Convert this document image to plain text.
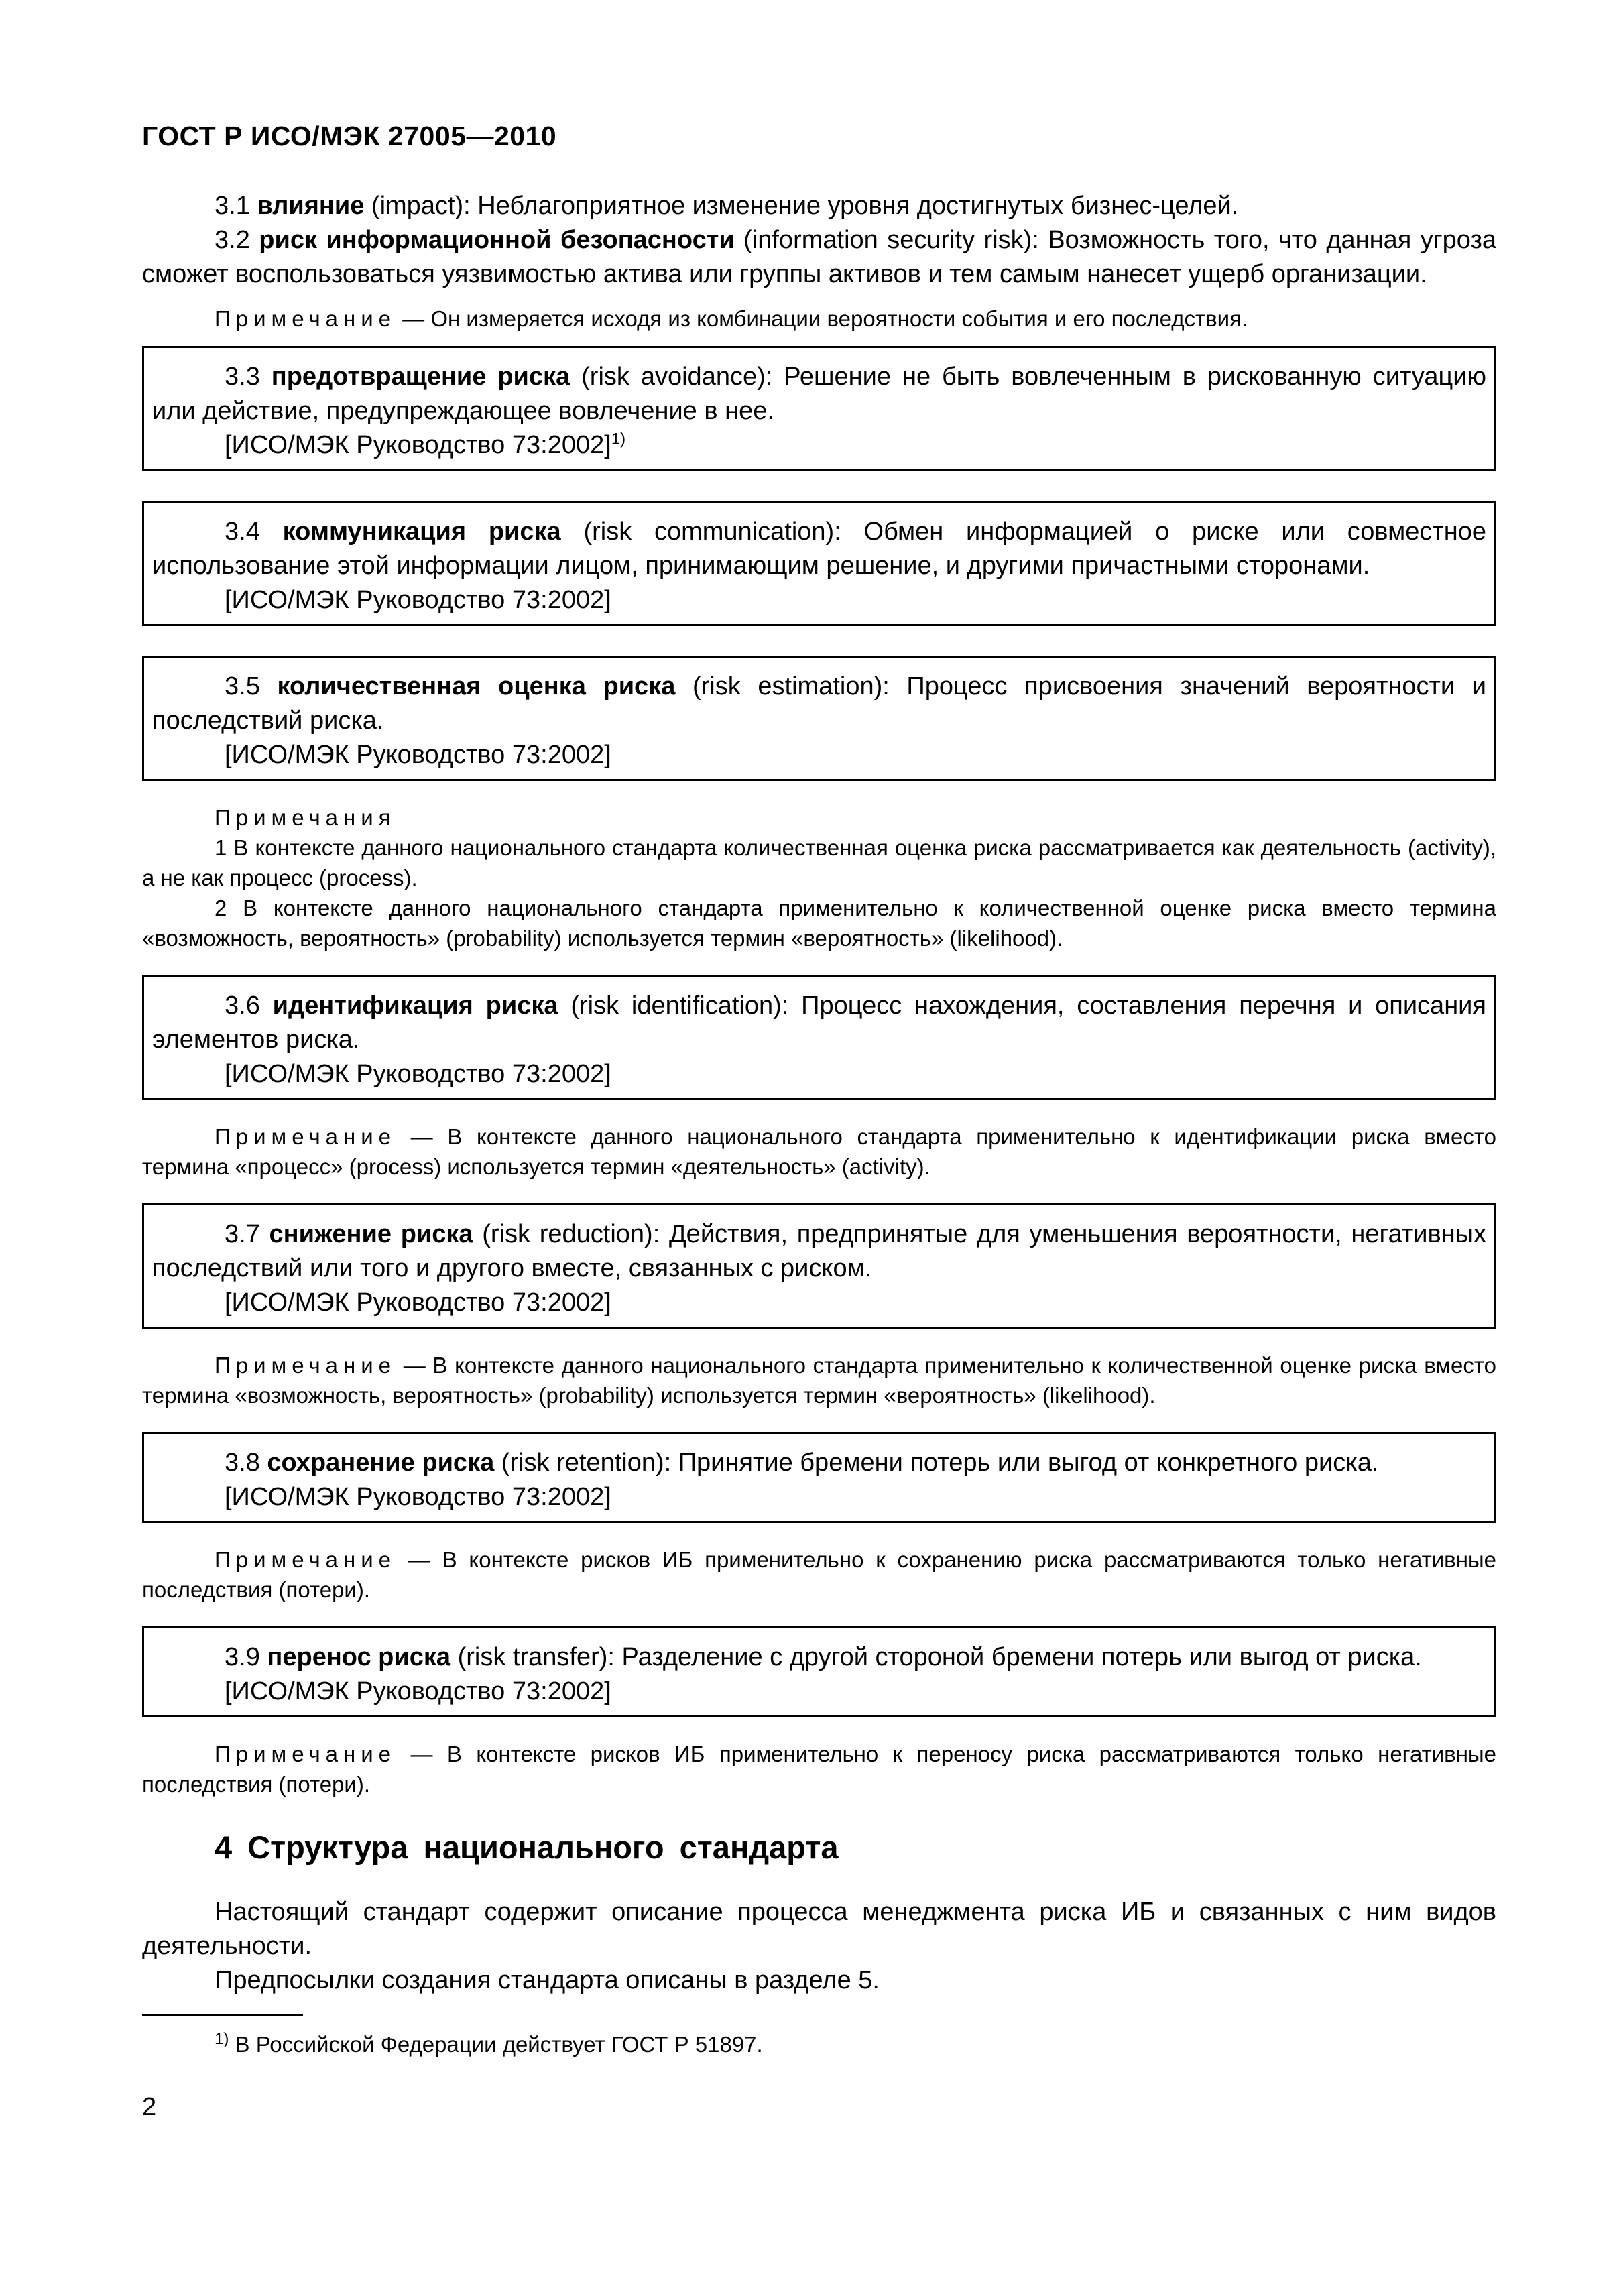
ГОСТ Р ИСО/МЭК 27005—2010

3.1 влияние (impact): Неблагоприятное изменение уровня достигнутых бизнес-целей.

3.2 риск информационной безопасности (information security risk): Возможность того, что данная угроза сможет воспользоваться уязвимостью актива или группы активов и тем самым нанесет ущерб организации.

Примечание — Он измеряется исходя из комбинации вероятности события и его последствия.

3.3 предотвращение риска (risk avoidance): Решение не быть вовлеченным в рискованную ситуацию или действие, предупреждающее вовлечение в нее.

[ИСО/МЭК Руководство 73:2002]$^{1)}$

3.4 коммуникация риска (risk communication): Обмен информацией о риске или совместное использование этой информации лицом, принимающим решение, и другими причастными сторонами.

[ИСО/МЭК Руководство 73:2002]

3.5 количественная оценка риска (risk estimation): Процесс присвоения значений вероятности и последствий риска.

[ИСО/МЭК Руководство 73:2002]

Примечания

1 В контексте данного национального стандарта количественная оценка риска рассматривается как деятельность (activity), а не как процесс (process).

2 В контексте данного национального стандарта применительно к количественной оценке риска вместо термина «возможность, вероятность» (probability) используется термин «вероятность» (likelihood).

3.6 идентификация риска (risk identification): Процесс нахождения, составления перечня и описания элементов риска.

[ИСО/МЭК Руководство 73:2002]

Примечание — В контексте данного национального стандарта применительно к идентификации риска вместо термина «процесс» (process) используется термин «деятельность» (activity).

3.7 снижение риска (risk reduction): Действия, предпринятые для уменьшения вероятности, негативных последствий или того и другого вместе, связанных с риском.

[ИСО/МЭК Руководство 73:2002]

Примечание — В контексте данного национального стандарта применительно к количественной оценке риска вместо термина «возможность, вероятность» (probability) используется термин «вероятность» (likelihood).

3.8 сохранение риска (risk retention): Принятие бремени потерь или выгод от конкретного риска.

[ИСО/МЭК Руководство 73:2002]

Примечание — В контексте рисков ИБ применительно к сохранению риска рассматриваются только негативные последствия (потери).

3.9 перенос риска (risk transfer): Разделение с другой стороной бремени потерь или выгод от риска.

[ИСО/МЭК Руководство 73:2002]

Примечание — В контексте рисков ИБ применительно к переносу риска рассматриваются только негативные последствия (потери).

4 Структура национального стандарта

Настоящий стандарт содержит описание процесса менеджмента риска ИБ и связанных с ним видов деятельности.

Предпосылки создания стандарта описаны в разделе 5.

$^{1)}$ В Российской Федерации действует ГОСТ Р 51897.
2
